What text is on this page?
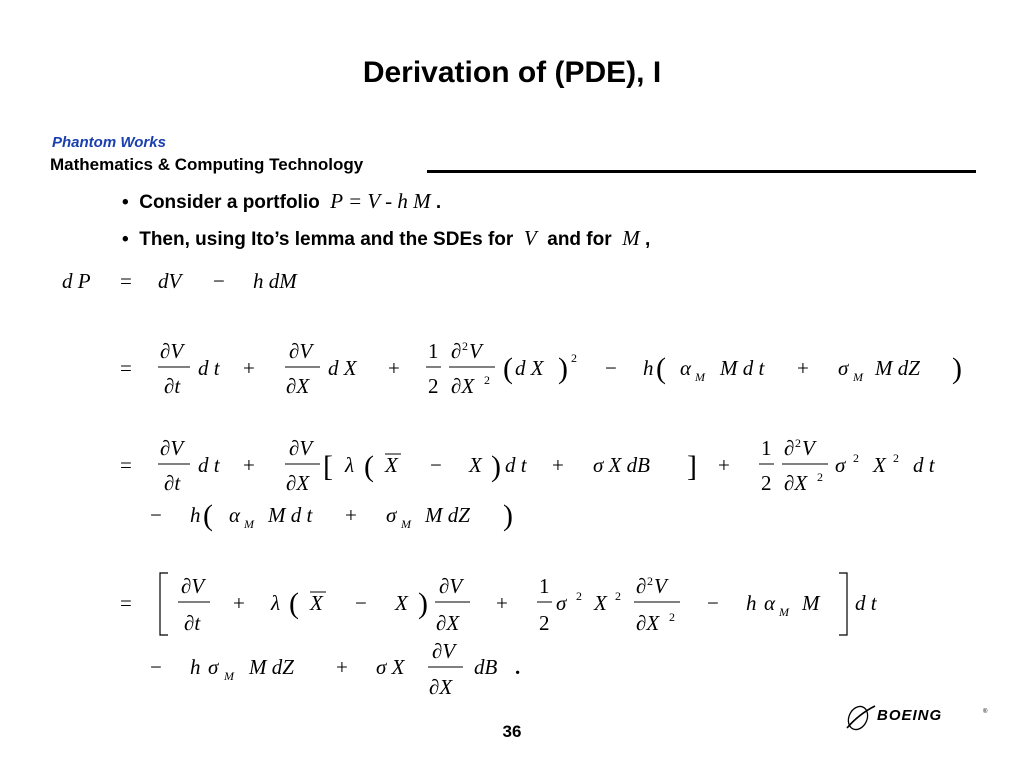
Derivation of (PDE), I
Phantom Works
Mathematics & Computing Technology
•  Consider a portfolio P = V - h M .
•  Then, using Ito’s lemma and the SDEs for V and for M ,
d P = dV − h dM
=
∂V
∂t
d t +
∂V
∂X
d X +
1
2
∂ 2 V
∂X 2 ( d X ) 2 − h ( α M M d t + σ M M dZ )
=
∂V
∂t
d t +
∂V
∂X [ λ ( X − X ) d t + σ X dB ] +
1
2
∂ 2 V
∂X 2 σ 2 X 2 d t
− h ( α M M d t + σ M M dZ )
=
∂V
∂t
+ λ ( X − X )
∂V
∂X
+
1
2
σ 2 X 2 ∂ 2 V
∂X 2
− h α M M d t
− h σ M M dZ + σ X
∂V
∂X
dB .
36
BOEING	®
